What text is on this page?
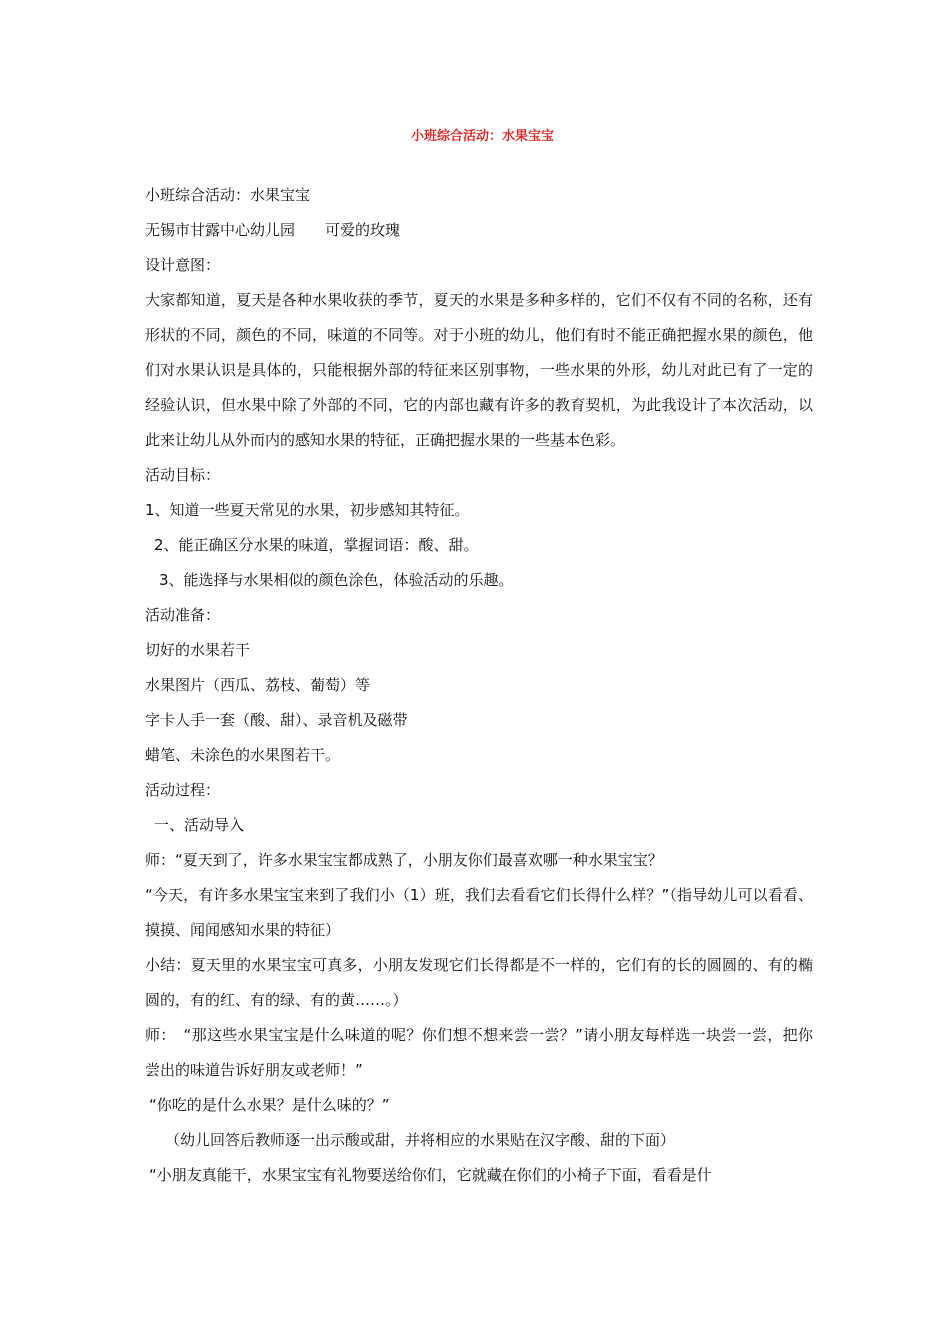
小班综合活动：水果宝宝

小班综合活动：水果宝宝

无锡市甘露中心幼儿园　　可爱的玫瑰

设计意图：

大家都知道，夏天是各种水果收获的季节，夏天的水果是多种多样的，它们不仅有不同的名称，还有形状的不同，颜色的不同，味道的不同等。对于小班的幼儿，他们有时不能正确把握水果的颜色，他们对水果认识是具体的，只能根据外部的特征来区别事物，一些水果的外形，幼儿对此已有了一定的经验认识，但水果中除了外部的不同，它的内部也藏有许多的教育契机，为此我设计了本次活动，以此来让幼儿从外而内的感知水果的特征，正确把握水果的一些基本色彩。

活动目标：

1、知道一些夏天常见的水果，初步感知其特征。

2、能正确区分水果的味道，掌握词语：酸、甜。

3、能选择与水果相似的颜色涂色，体验活动的乐趣。

活动准备：

切好的水果若干

水果图片（西瓜、荔枝、葡萄）等

字卡人手一套（酸、甜）、录音机及磁带

蜡笔、未涂色的水果图若干。

活动过程：

一、活动导入

师：“夏天到了，许多水果宝宝都成熟了，小朋友你们最喜欢哪一种水果宝宝？

“今天，有许多水果宝宝来到了我们小（1）班，我们去看看它们长得什么样？”（指导幼儿可以看看、摸摸、闻闻感知水果的特征）

小结：夏天里的水果宝宝可真多，小朋友发现它们长得都是不一样的，它们有的长的圆圆的、有的椭圆的，有的红、有的绿、有的黄……。）

师：　“那这些水果宝宝是什么味道的呢？你们想不想来尝一尝？”请小朋友每样选一块尝一尝，把你尝出的味道告诉好朋友或老师！”

“你吃的是什么水果？是什么味的？”

（幼儿回答后教师逐一出示酸或甜，并将相应的水果贴在汉字酸、甜的下面）

“小朋友真能干，水果宝宝有礼物要送给你们，它就藏在你们的小椅子下面，看看是什
